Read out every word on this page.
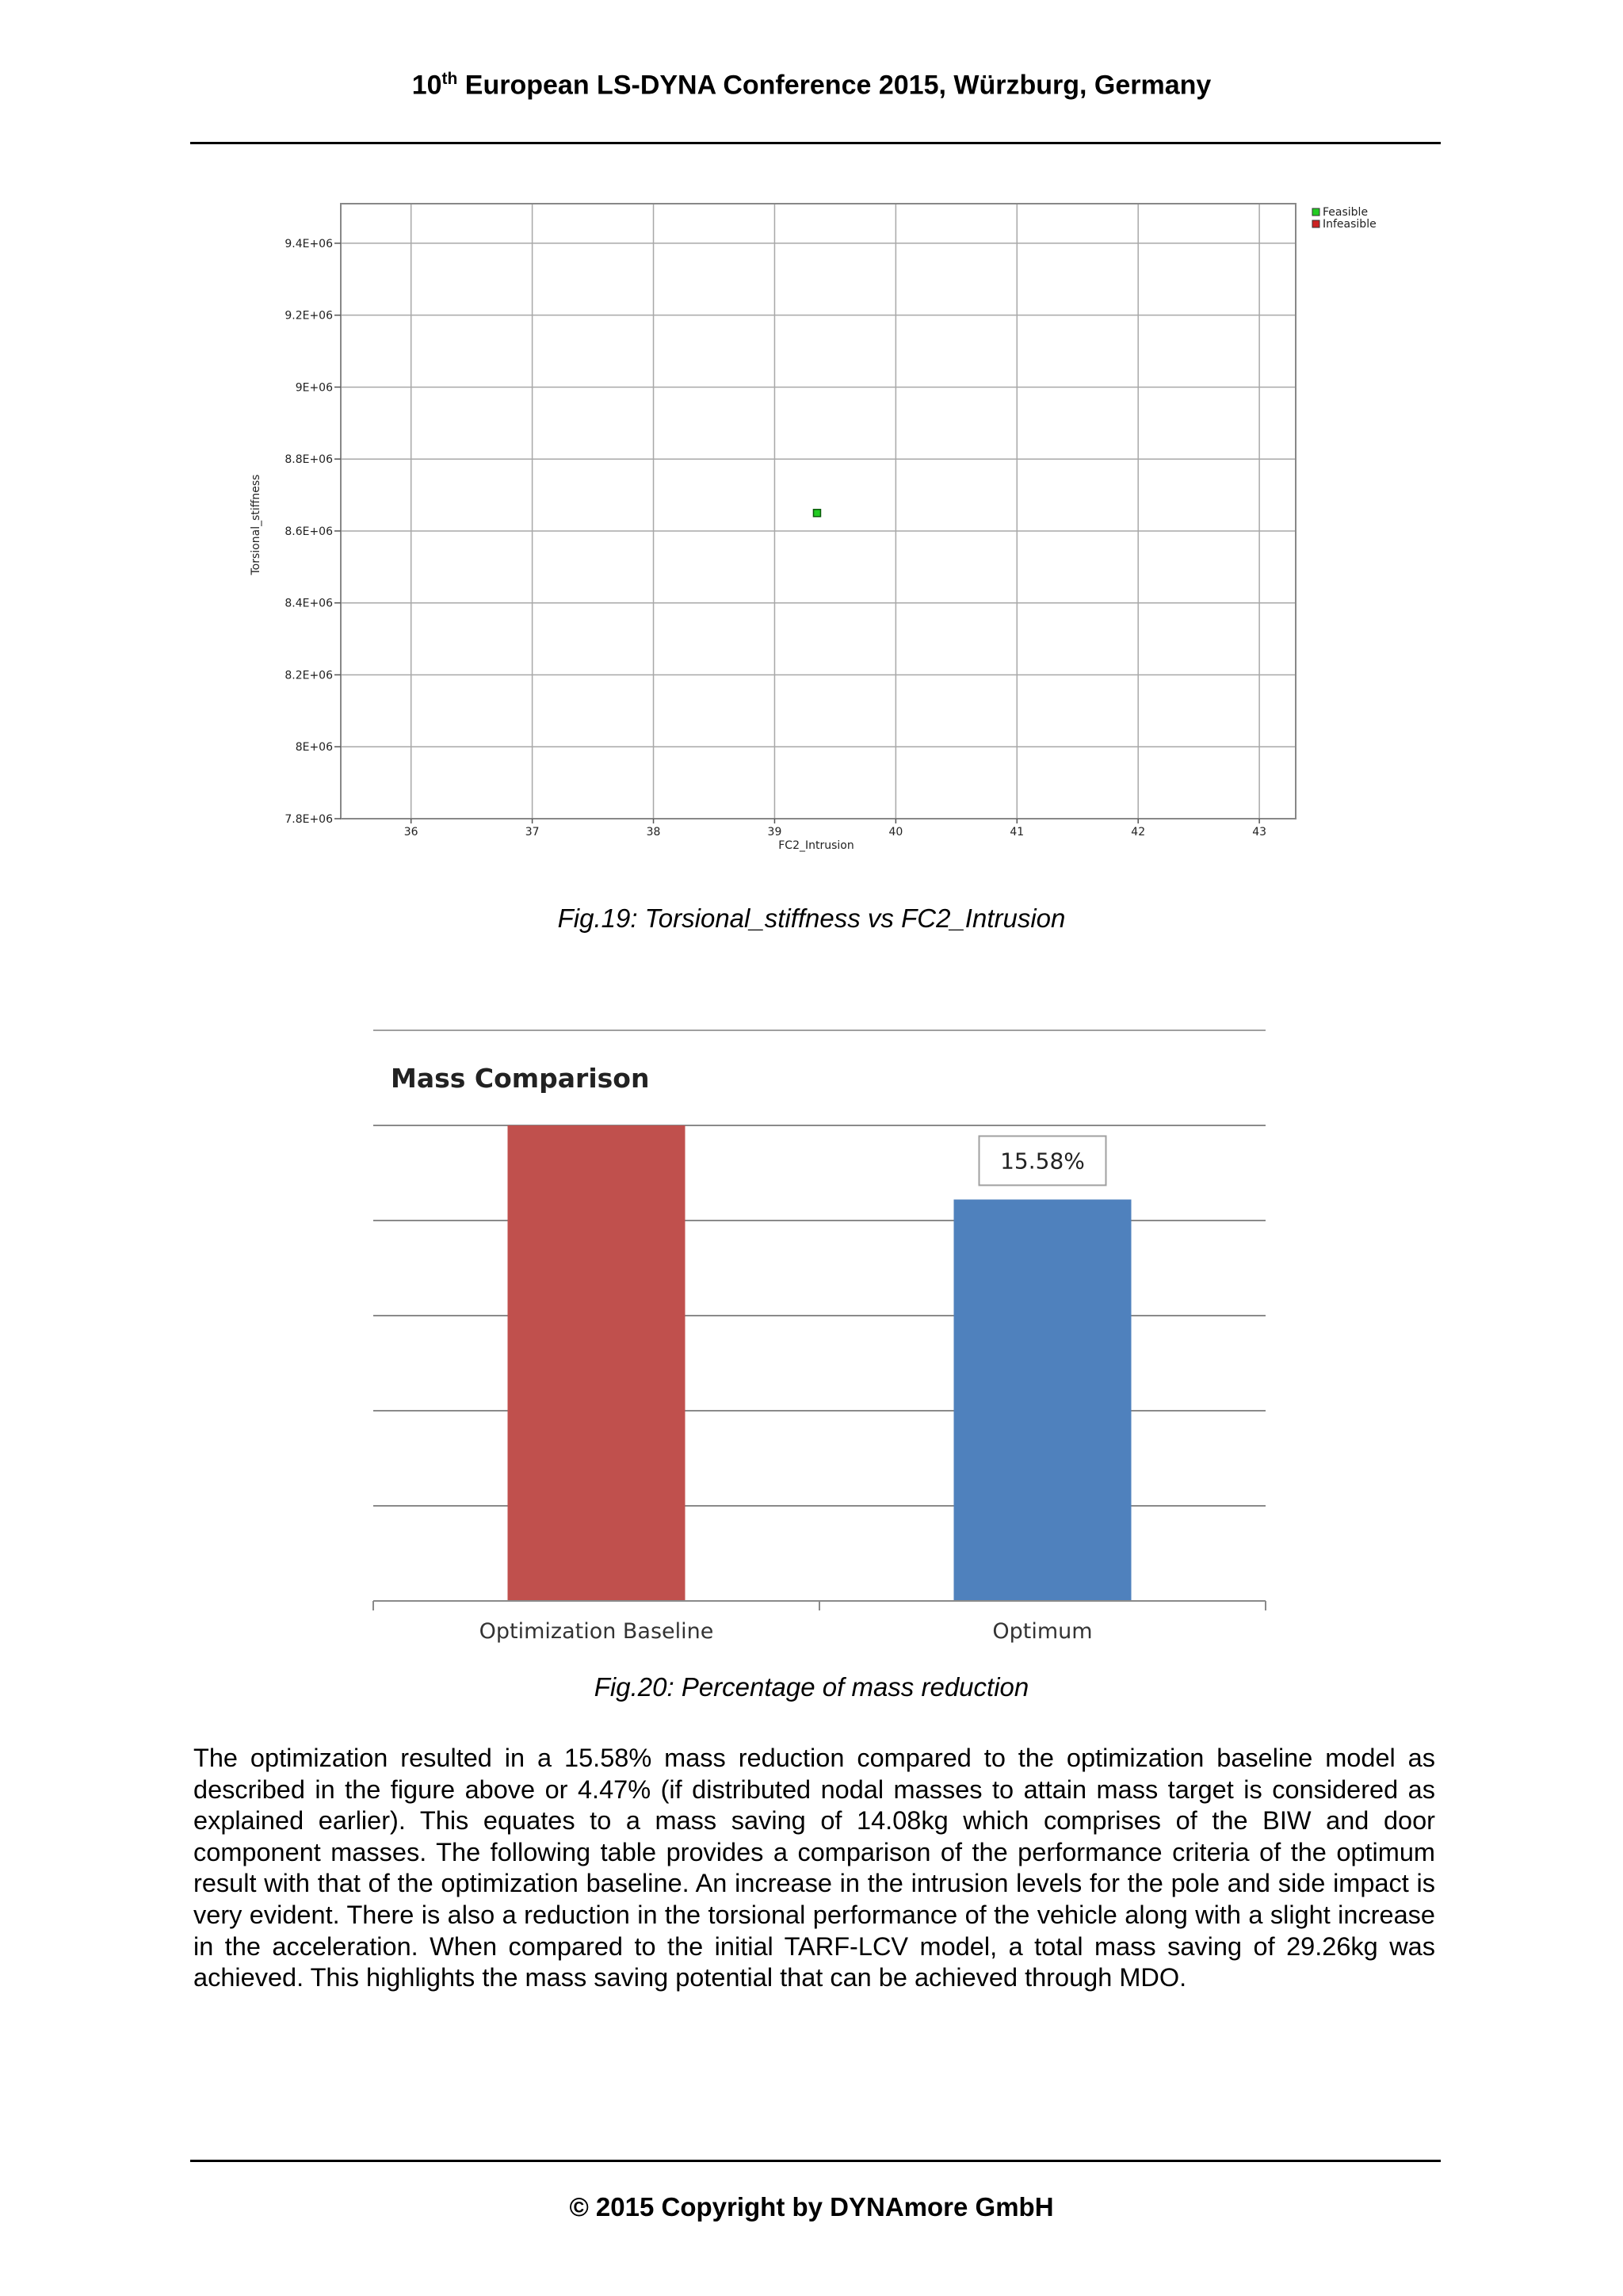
10th European LS-DYNA Conference 2015, Würzburg, Germany
7.8E+06
8E+06
8.2E+06
8.4E+06
8.6E+06
8.8E+06
9E+06
9.2E+06
9.4E+06
36	37	38	39	40	41	42	43
FC2_Intrusion
Torsional_stiffness
Feasible
Infeasible
Fig.19: Torsional_stiffness vs FC2_Intrusion
Mass Comparison
Optimization Baseline	Optimum
15.58%
Fig.20: Percentage of mass reduction

The optimization resulted in a 15.58% mass reduction compared to the optimization baseline model as described in the figure above or 4.47% (if distributed nodal masses to attain mass target is considered as explained earlier). This equates to a mass saving of 14.08kg which comprises of the BIW and door component masses. The following table provides a comparison of the performance criteria of the optimum result with that of the optimization baseline. An increase in the intrusion levels for the pole and side impact is very evident. There is also a reduction in the torsional performance of the vehicle along with a slight increase in the acceleration. When compared to the initial TARF-LCV model, a total mass saving of 29.26kg was achieved. This highlights the mass saving potential that can be achieved through MDO.

© 2015 Copyright by DYNAmore GmbH
